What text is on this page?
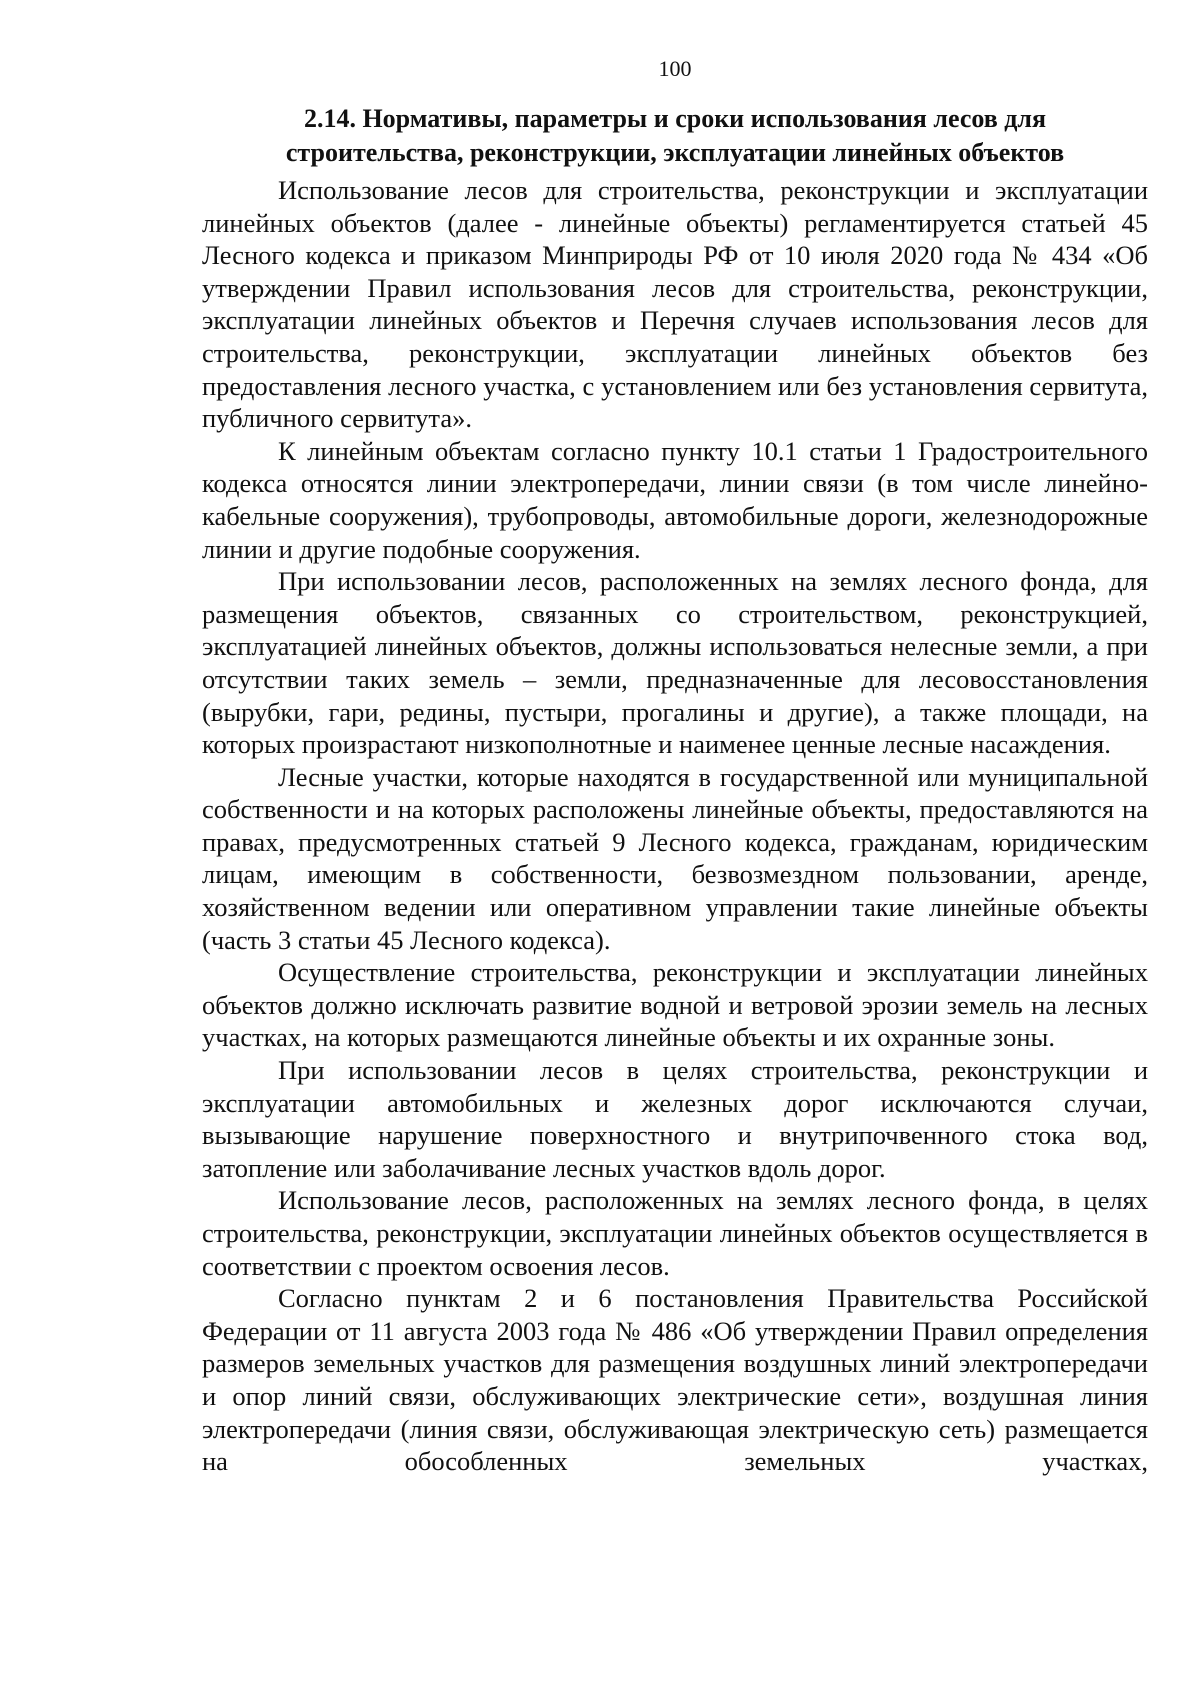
100
2.14. Нормативы, параметры и сроки использования лесов для
строительства, реконструкции, эксплуатации линейных объектов

Использование лесов для строительства, реконструкции и эксплуатации линейных объектов (далее - линейные объекты) регламентируется статьей 45 Лесного кодекса и приказом Минприроды РФ от 10 июля 2020 года № 434 «Об утверждении Правил использования лесов для строительства, реконструкции, эксплуатации линейных объектов и Перечня случаев использования лесов для строительства, реконструкции, эксплуатации линейных объектов без предоставления лесного участка, с установлением или без установления сервитута, публичного сервитута».

К линейным объектам согласно пункту 10.1 статьи 1 Градостроительного кодекса относятся линии электропередачи, линии связи (в том числе линейно-кабельные сооружения), трубопроводы, автомобильные дороги, железнодорожные линии и другие подобные сооружения.

При использовании лесов, расположенных на землях лесного фонда, для размещения объектов, связанных со строительством, реконструкцией, эксплуатацией линейных объектов, должны использоваться нелесные земли, а при отсутствии таких земель – земли, предназначенные для лесовосстановления (вырубки, гари, редины, пустыри, прогалины и другие), а также площади, на которых произрастают низкополнотные и наименее ценные лесные насаждения.

Лесные участки, которые находятся в государственной или муниципальной собственности и на которых расположены линейные объекты, предоставляются на правах, предусмотренных статьей 9 Лесного кодекса, гражданам, юридическим лицам, имеющим в собственности, безвозмездном пользовании, аренде, хозяйственном ведении или оперативном управлении такие линейные объекты (часть 3 статьи 45 Лесного кодекса).

Осуществление строительства, реконструкции и эксплуатации линейных объектов должно исключать развитие водной и ветровой эрозии земель на лесных участках, на которых размещаются линейные объекты и их охранные зоны.

При использовании лесов в целях строительства, реконструкции и эксплуатации автомобильных и железных дорог исключаются случаи, вызывающие нарушение поверхностного и внутрипочвенного стока вод, затопление или заболачивание лесных участков вдоль дорог.

Использование лесов, расположенных на землях лесного фонда, в целях строительства, реконструкции, эксплуатации линейных объектов осуществляется в соответствии с проектом освоения лесов.

Согласно пунктам 2 и 6 постановления Правительства Российской Федерации от 11 августа 2003 года № 486 «Об утверждении Правил определения размеров земельных участков для размещения воздушных линий электропередачи и опор линий связи, обслуживающих электрические сети», воздушная линия электропередачи (линия связи, обслуживающая электрическую сеть) размещается на обособленных земельных участках,
